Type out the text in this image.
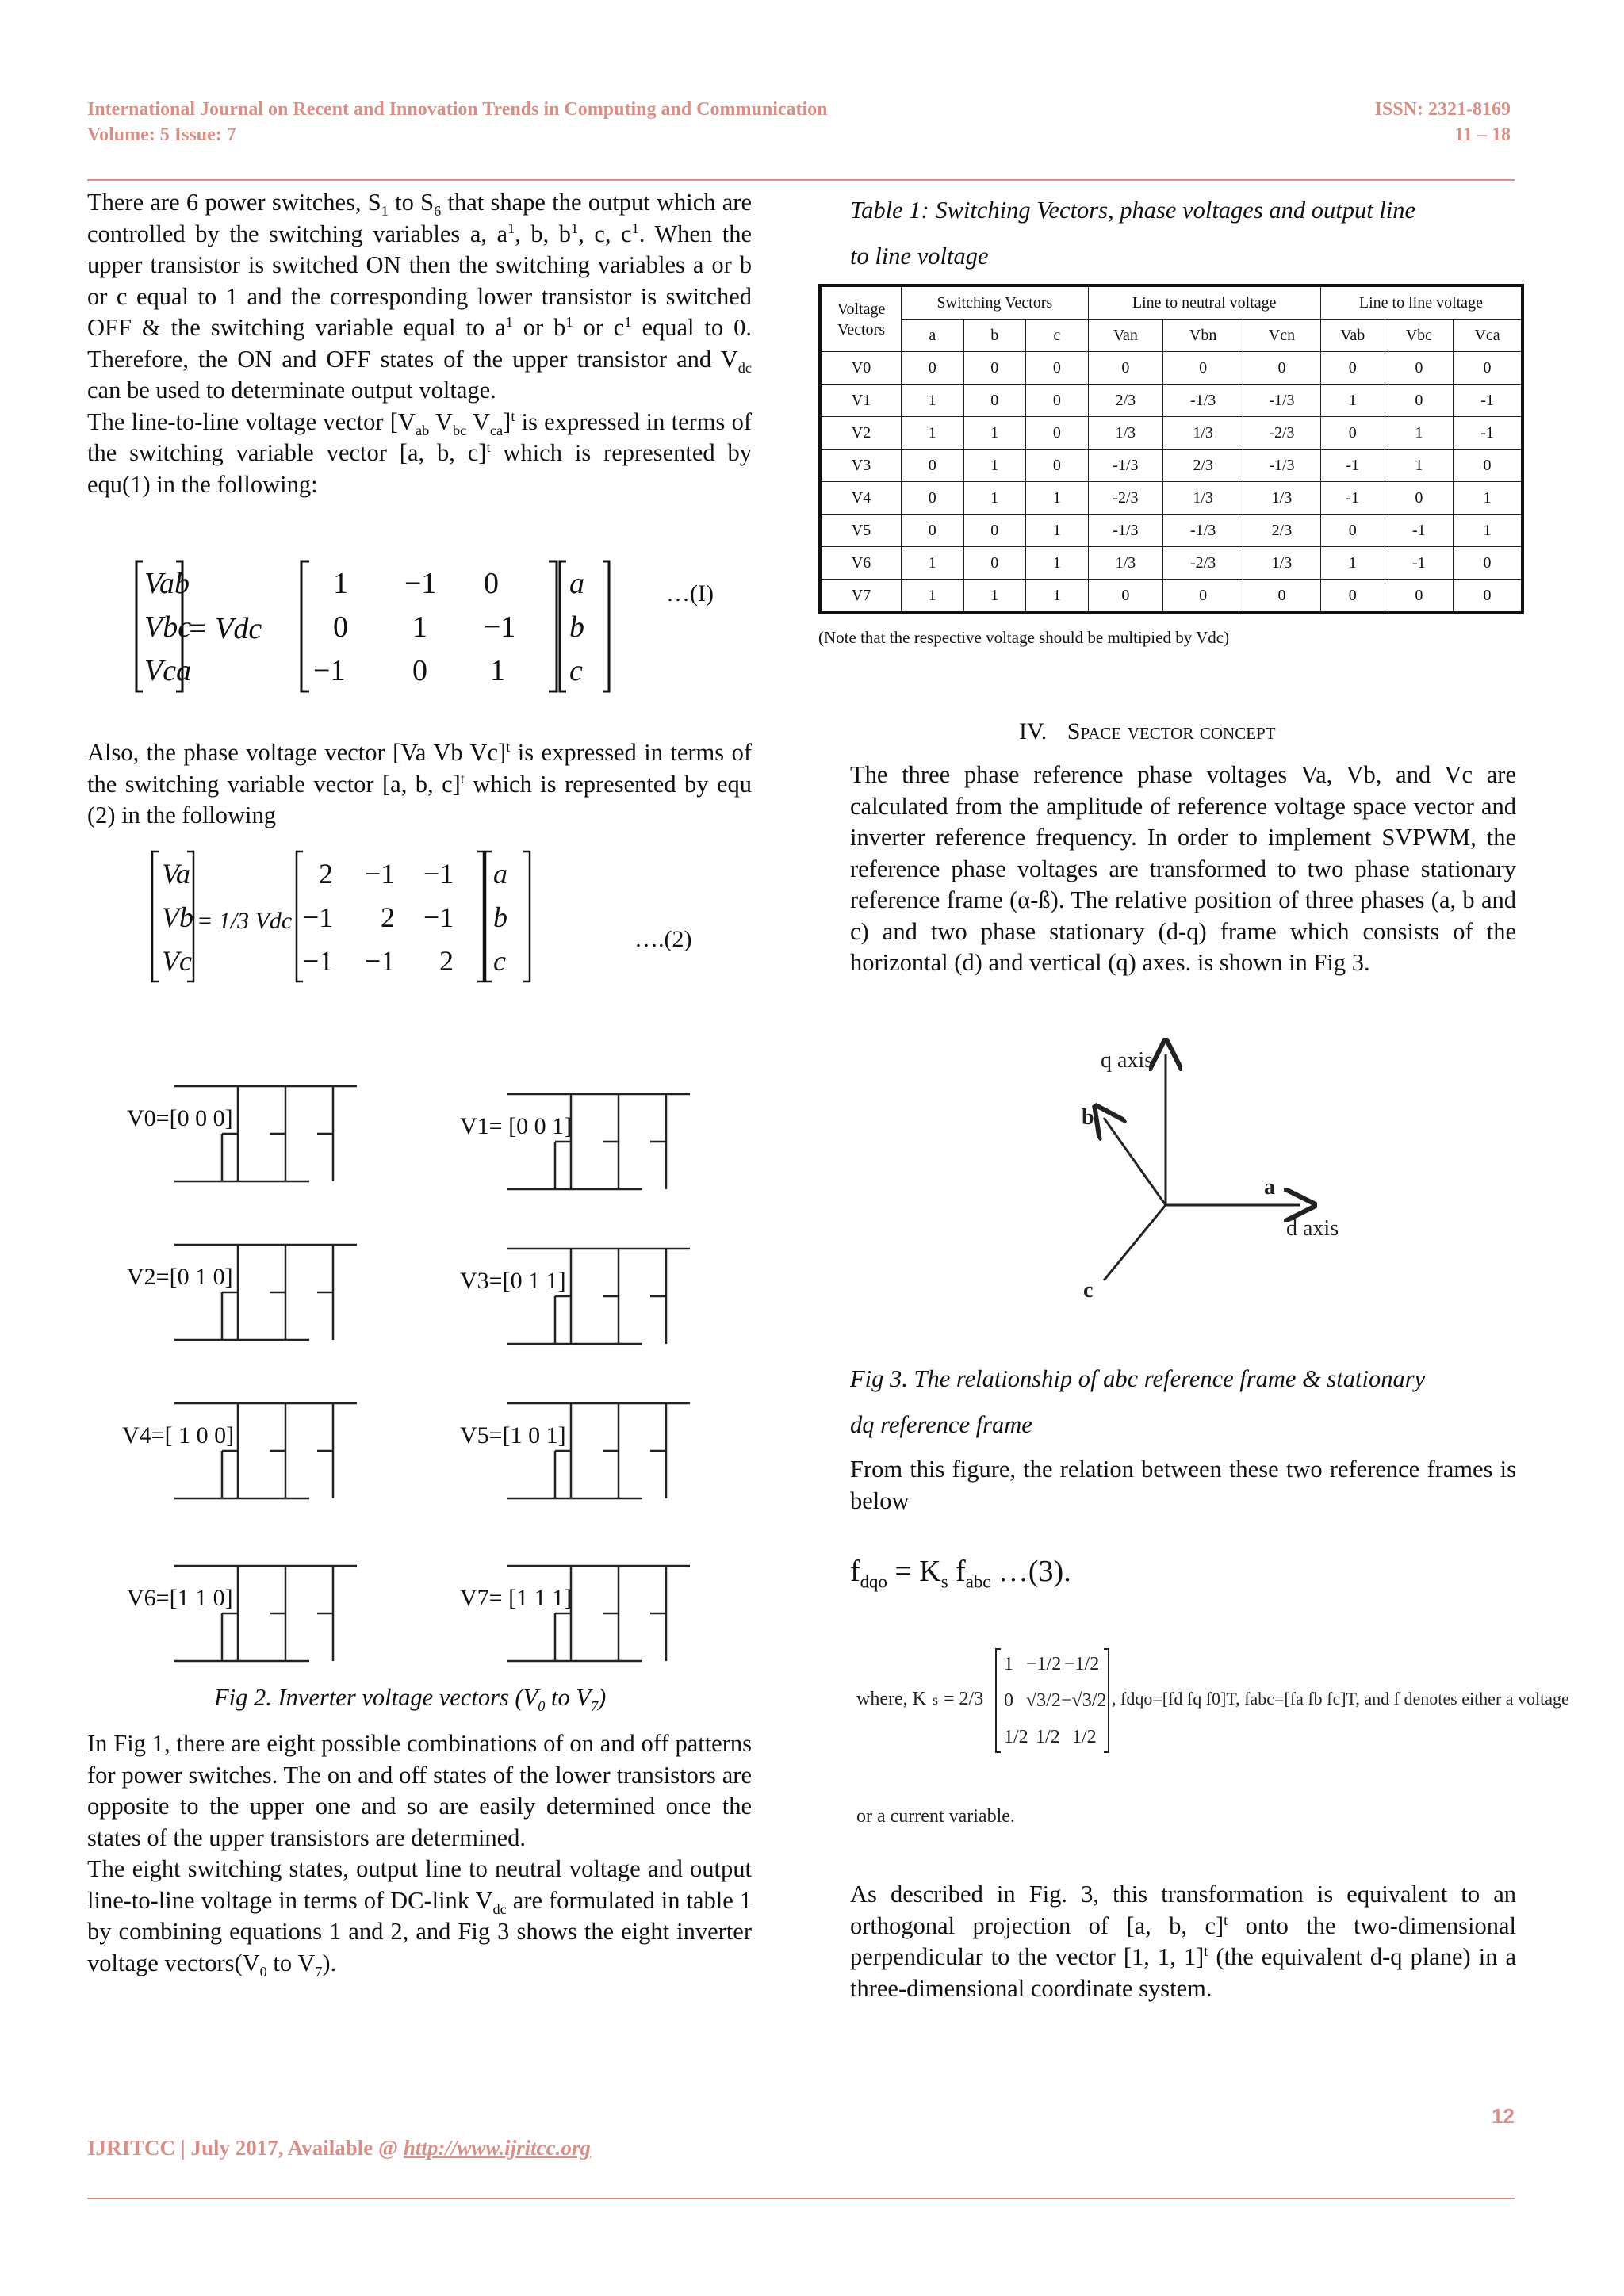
International Journal on Recent and Innovation Trends in Computing and Communication
Volume: 5 Issue: 7
ISSN: 2321-8169
11 – 18

There are 6 power switches, $S_1$ to $S_6$ that shape the output which are controlled by the switching variables a, $a^1$, b, $b^1$, c, $c^1$. When the upper transistor is switched ON then the switching variables a or b or c equal to 1 and the corresponding lower transistor is switched OFF & the switching variable equal to $a^1$ or $b^1$ or $c^1$ equal to 0. Therefore, the ON and OFF states of the upper transistor and $V_{dc}$ can be used to determinate output voltage.

The line-to-line voltage vector [$V_{ab}$ $V_{bc}$ $V_{ca}]^t$ is expressed in terms of the switching variable vector [a, b, c]$^t$ which is represented by equ(1) in the following:

Vab
Vbc
Vca
= Vdc
1 −1 0
0 1 −1
−1 0 1
a
b
c
…(I)

Also, the phase voltage vector [Va Vb Vc]$^t$ is expressed in terms of the switching variable vector [a, b, c]$^t$ which is represented by equ (2) in the following

Va
Vb
Vc
= 1/3 Vdc
2 −1 −1
−1 2 −1
−1 −1 2
a
b
c
….(2)
V0=[0 0 0]	V1= [0 0 1]
V2=[0 1 0]	V3=[0 1 1]
V4=[ 1 0 0]	V5=[1 0 1]
V6=[1 1 0]	V7= [1 1 1]
Fig 2. Inverter voltage vectors ($V_0$ to $V_7$)

In Fig 1, there are eight possible combinations of on and off patterns for power switches. The on and off states of the lower transistors are opposite to the upper one and so are easily determined once the states of the upper transistors are determined.

The eight switching states, output line to neutral voltage and output line-to-line voltage in terms of DC-link $V_{dc}$ are formulated in table 1 by combining equations 1 and 2, and Fig 3 shows the eight inverter voltage $vectors(V_0$ to $V_7$).

Table 1: Switching Vectors, phase voltages and output line
to line voltage
Voltage Vectors	Switching Vectors			Line to neutral voltage			Line to line voltage		
	a	b	c	Van	Vbn	Vcn	Vab	Vbc	Vca
V0	0	0	0	0	0	0	0	0	0
V1	1	0	0	2/3	-1/3	-1/3	1	0	-1
V2	1	1	0	1/3	1/3	-2/3	0	1	-1
V3	0	1	0	-1/3	2/3	-1/3	-1	1	0
V4	0	1	1	-2/3	1/3	1/3	-1	0	1
V5	0	0	1	-1/3	-1/3	2/3	0	-1	1
V6	1	0	1	1/3	-2/3	1/3	1	-1	0
V7	1	1	1	0	0	0	0	0	0
(Note that the respective voltage should be multipied by Vdc)
IV. Space vector concept
The three phase reference phase voltages Va, Vb, and Vc are calculated from the amplitude of reference voltage space vector and inverter reference frequency. In order to implement SVPWM, the reference phase voltages are transformed to two phase stationary reference frame (α-ß). The relative position of three phases (a, b and c) and two phase stationary (d-q) frame which consists of the horizontal (d) and vertical (q) axes. is shown in Fig 3.
q axis
b
a
d axis
c
Fig 3. The relationship of abc reference frame & stationary
dq reference frame
From this figure, the relation between these two reference frames is below
$f_{dqo} = K_s$ $f_{abc}$ …(3).
where, K s = 2/3
1 −1/2 −1/2
0 √3/2 −√3/2
1/2 1/2 1/2
, fdqo=[fd fq f0]T, fabc=[fa fb fc]T, and f denotes either a voltage
or a current variable.

As described in Fig. 3, this transformation is equivalent to an orthogonal projection of [a, b, c]$^t$ onto the two-dimensional perpendicular to the vector [1, 1, 1]$^t$ (the equivalent d-q plane) in a three-dimensional coordinate system.

12
IJRITCC | July 2017, Available @ http://www.ijritcc.org
